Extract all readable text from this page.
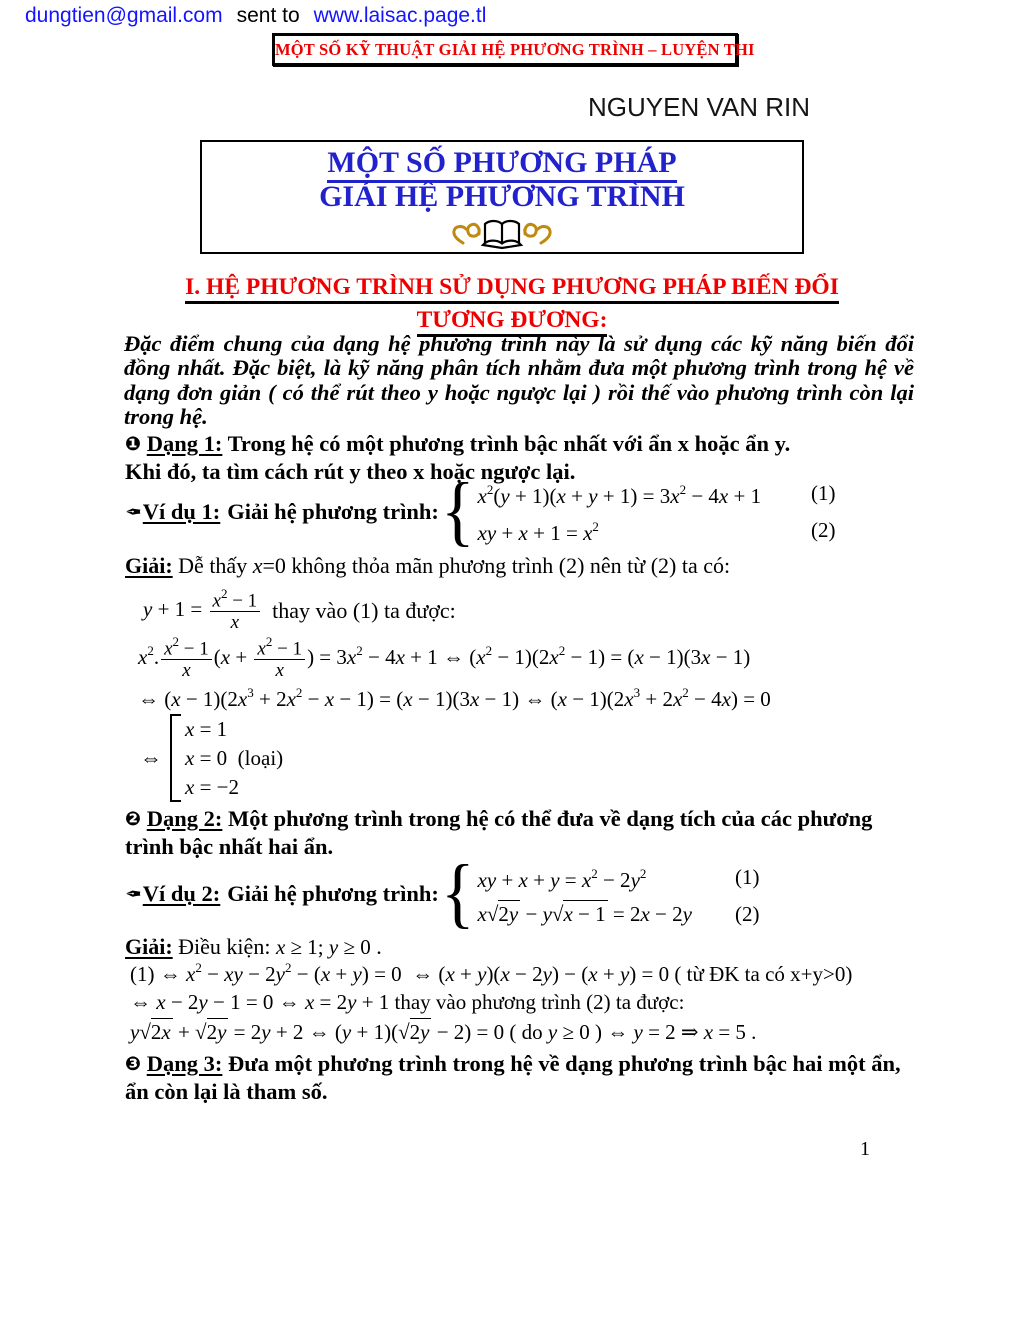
dungtien@gmail.com sent to www.laisac.page.tl
MỘT SỐ KỸ THUẬT GIẢI HỆ PHƯƠNG TRÌNH – LUYỆN THI
NGUYEN VAN RIN
MỘT SỐ PHƯƠNG PHÁP
GIẢI HỆ PHƯƠNG TRÌNH
I. HỆ PHƯƠNG TRÌNH SỬ DỤNG PHƯƠNG PHÁP BIẾN ĐỔI
TƯƠNG ĐƯƠNG:
Đặc điểm chung của dạng hệ phương trình này là sử dụng các kỹ năng biến đổi đồng nhất. Đặc biệt, là kỹ năng phân tích nhằm đưa một phương trình trong hệ về dạng đơn giản ( có thể rút theo y hoặc ngược lại ) rồi thế vào phương trình còn lại trong hệ.
❶ Dạng 1: Trong hệ có một phương trình bậc nhất với ẩn x hoặc ẩn y.
Khi đó, ta tìm cách rút y theo x hoặc ngược lại.
✒ Ví dụ 1: Giải hệ phương trình: { $x^2(y + 1)(x + y + 1) = 3x^2 - 4x + 1$ (1)
xy + $x + 1 = x^2$	(2)
Giải: Dễ thấy x=0 không thỏa mãn phương trình (2) nên từ (2) ta có:
$y + 1 = \frac{x^2 - 1}{x}$ thay vào (1) ta được:
$x^2$. $\frac{x^2 - 1}{x} (x + \frac{x^2 - 1}{x}$ ) = $3x^2 - 4x + 1$ ⇔ $(x^2 - 1)(2x^2 - 1) = (x - 1)(3x - 1)$
⇔ $(x - 1)(2x^3 + 2x^2 - x - 1) = (x - 1)(3x - 1)$ ⇔ $(x - 1)(2x^3 + 2x^2 - 4x) = 0$
⇔
x = 1
x = 0  (loại)
x = −2
❷ Dạng 2: Một phương trình trong hệ có thể đưa về dạng tích của các phương trình bậc nhất hai ẩn.
✒ Ví dụ 2: Giải hệ phương trình: { xy + $x + y = x^2 - 2y^2$	(1)
x√2y − y√x − 1 = 2x − 2y (2)
Giải: Điều kiện: x ≥ 1; y ≥ 0 .
(1) ⇔ $x^2$ − xy − $2y^2 - (x + y) = 0$  ⇔ (x + y)(x − 2y) − (x + y) = 0 ( từ ĐK ta có x+y>0)
⇔ x − 2y − 1 = 0 ⇔ x = 2y + 1 thay vào phương trình (2) ta được:
y√2x + √2y = 2y + 2 ⇔ (y + 1)(√2y − 2) = 0 ( do y ≥ 0 ) ⇔ y = 2 ⇒ x = 5 .
❸ Dạng 3: Đưa một phương trình trong hệ về dạng phương trình bậc hai một ẩn, ẩn còn lại là tham số.
1
